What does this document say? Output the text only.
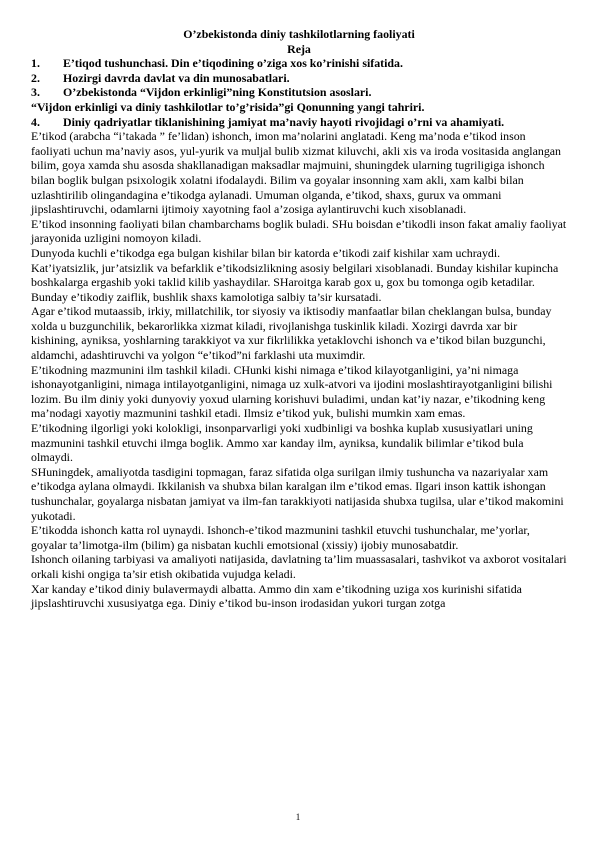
O’zbekistonda diniy tashkilotlarning faoliyati

Reja

1.	E’tiqod tushunchasi. Din e’tiqodining o’ziga xos ko’rinishi sifatida.
2.	Hozirgi davrda davlat va din munosabatlari.
3.	O’zbekistonda “Vijdon erkinligi”ning Konstitutsion asoslari.

“Vijdon erkinligi va diniy tashkilotlar to’g’risida”gi Qonunning yangi tahriri.

4.	Diniy qadriyatlar tiklanishining jamiyat ma’naviy hayoti rivojidagi o’rni va ahamiyati.

E’tikod (arabcha “i’takada ” fe’lidan) ishonch, imon ma’nolarini anglatadi. Keng ma’noda e’tikod inson faoliyati uchun ma’naviy asos, yul-yurik va muljal bulib xizmat kiluvchi, akli xis va iroda vositasida anglangan bilim, goya xamda shu asosda shakllanadigan maksadlar majmuini, shuningdek ularning tugriligiga ishonch bilan boglik bulgan psixologik xolatni ifodalaydi. Bilim va goyalar insonning xam akli, xam kalbi bilan uzlashtirilib olingandagina e’tikodga aylanadi. Umuman olganda, e’tikod, shaxs, gurux va ommani jipslashtiruvchi, odamlarni ijtimoiy xayotning faol a’zosiga aylantiruvchi kuch xisoblanadi.

E’tikod insonning faoliyati bilan chambarchams boglik buladi. SHu boisdan e’tikodli inson fakat amaliy faoliyat jarayonida uzligini nomoyon kiladi.

Dunyoda kuchli e’tikodga ega bulgan kishilar bilan bir katorda e’tikodi zaif kishilar xam uchraydi. Kat’iyatsizlik, jur’atsizlik va befarklik e’tikodsizlikning asosiy belgilari xisoblanadi. Bunday kishilar kupincha boshkalarga ergashib yoki taklid kilib yashaydilar. SHaroitga karab gox u, gox bu tomonga ogib ketadilar. Bunday e’tikodiy zaiflik, bushlik shaxs kamolotiga salbiy ta’sir kursatadi.

Agar e’tikod mutaassib, irkiy, millatchilik, tor siyosiy va iktisodiy manfaatlar bilan cheklangan bulsa, bunday xolda u buzgunchilik, bekarorlikka xizmat kiladi, rivojlanishga tuskinlik kiladi. Xozirgi davrda xar bir kishining, ayniksa, yoshlarning tarakkiyot va xur fikrlilikka yetaklovchi ishonch va e’tikod bilan buzgunchi, aldamchi, adashtiruvchi va yolgon “e’tikod”ni farklashi uta muximdir.

E’tikodning mazmunini ilm tashkil kiladi. CHunki kishi nimaga e’tikod kilayotganligini, ya’ni nimaga ishonayotganligini, nimaga intilayotganligini, nimaga uz xulk-atvori va ijodini moslashtirayotganligini bilishi lozim. Bu ilm diniy yoki dunyoviy yoxud ularning korishuvi buladimi, undan kat’iy nazar, e’tikodning keng ma’nodagi xayotiy mazmunini tashkil etadi. Ilmsiz e’tikod yuk, bulishi mumkin xam emas.

E’tikodning ilgorligi yoki kolokligi, insonparvarligi yoki xudbinligi va boshka kuplab xususiyatlari uning mazmunini tashkil etuvchi ilmga boglik. Ammo xar kanday ilm, ayniksa, kundalik bilimlar e’tikod bula olmaydi.

SHuningdek, amaliyotda tasdigini topmagan, faraz sifatida olga surilgan ilmiy tushuncha va nazariyalar xam e’tikodga aylana olmaydi. Ikkilanish va shubxa bilan karalgan ilm e’tikod emas. Ilgari inson kattik ishongan tushunchalar, goyalarga nisbatan jamiyat va ilm-fan tarakkiyoti natijasida shubxa tugilsa, ular e’tikod makomini yukotadi.

E’tikodda ishonch katta rol uynaydi. Ishonch-e’tikod mazmunini tashkil etuvchi tushunchalar, me’yorlar, goyalar ta’limotga-ilm (bilim) ga nisbatan kuchli emotsional (xissiy) ijobiy munosabatdir.

Ishonch oilaning tarbiyasi va amaliyoti natijasida, davlatning ta’lim muassasalari, tashvikot va axborot vositalari orkali kishi ongiga ta’sir etish okibatida vujudga keladi.

Xar kanday e’tikod diniy bulavermaydi albatta. Ammo din xam e’tikodning uziga xos kurinishi sifatida jipslashtiruvchi xususiyatga ega. Diniy e’tikod bu-inson irodasidan yukori turgan zotga

1
